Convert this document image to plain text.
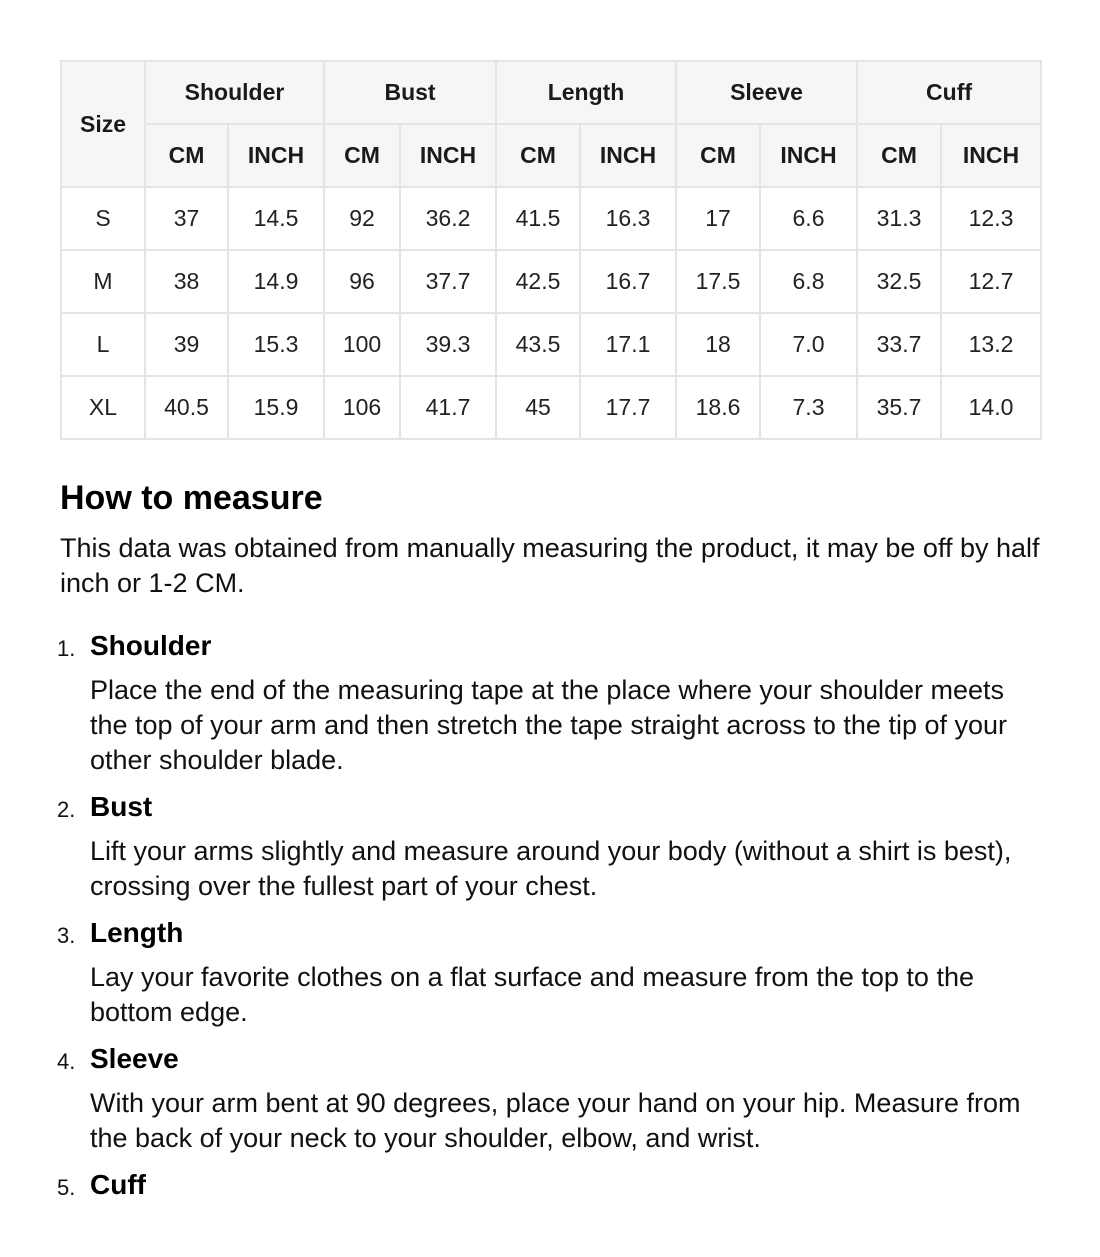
Size	Shoulder		Bust		Length		Sleeve		Cuff	
	CM	INCH	CM	INCH	CM	INCH	CM	INCH	CM	INCH
S	37	14.5	92	36.2	41.5	16.3	17	6.6	31.3	12.3
M	38	14.9	96	37.7	42.5	16.7	17.5	6.8	32.5	12.7
L	39	15.3	100	39.3	43.5	17.1	18	7.0	33.7	13.2
XL	40.5	15.9	106	41.7	45	17.7	18.6	7.3	35.7	14.0
How to measure

This data was obtained from manually measuring the product, it may be off by half inch or 1-2 CM.

1. Shoulder

Place the end of the measuring tape at the place where your shoulder meets the top of your arm and then stretch the tape straight across to the tip of your other shoulder blade.

2. Bust

Lift your arms slightly and measure around your body (without a shirt is best), crossing over the fullest part of your chest.

3. Length

Lay your favorite clothes on a flat surface and measure from the top to the bottom edge.

4. Sleeve

With your arm bent at 90 degrees, place your hand on your hip. Measure from the back of your neck to your shoulder, elbow, and wrist.

5. Cuff
